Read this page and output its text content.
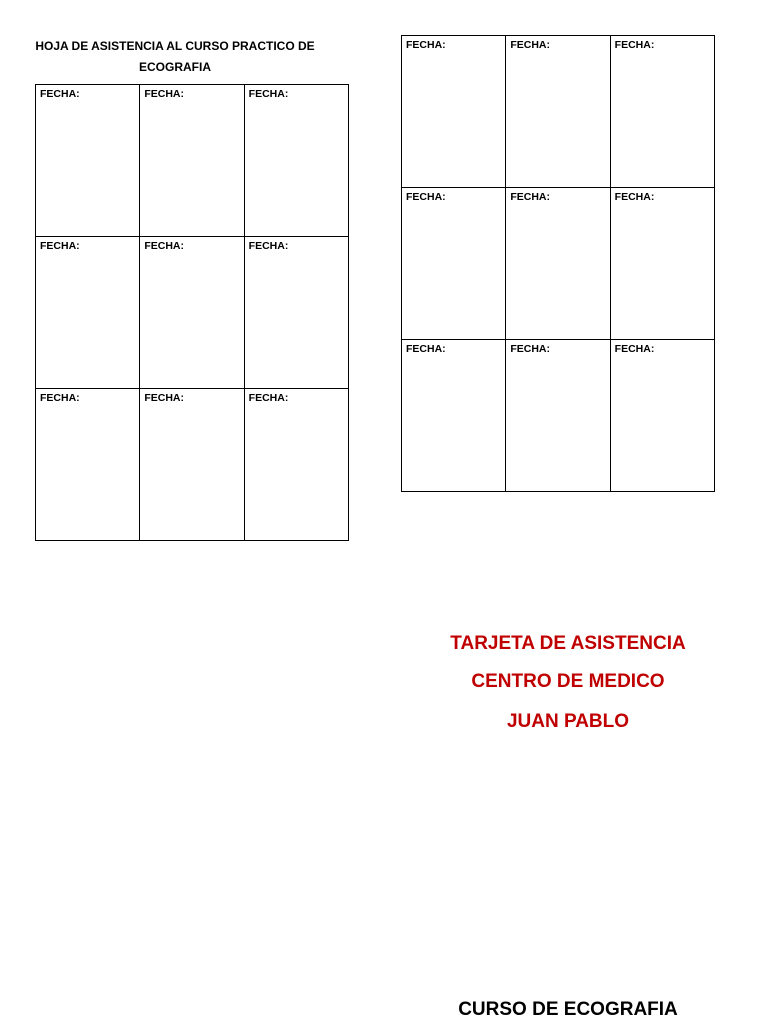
HOJA DE ASISTENCIA AL CURSO PRACTICO DE ECOGRAFIA
FECHA:	FECHA:	FECHA:
FECHA:	FECHA:	FECHA:
FECHA:	FECHA:	FECHA:
FECHA:	FECHA:	FECHA:
FECHA:	FECHA:	FECHA:
FECHA:	FECHA:	FECHA:
TARJETA DE ASISTENCIA
CENTRO DE MEDICO
JUAN PABLO
CURSO DE ECOGRAFIA
